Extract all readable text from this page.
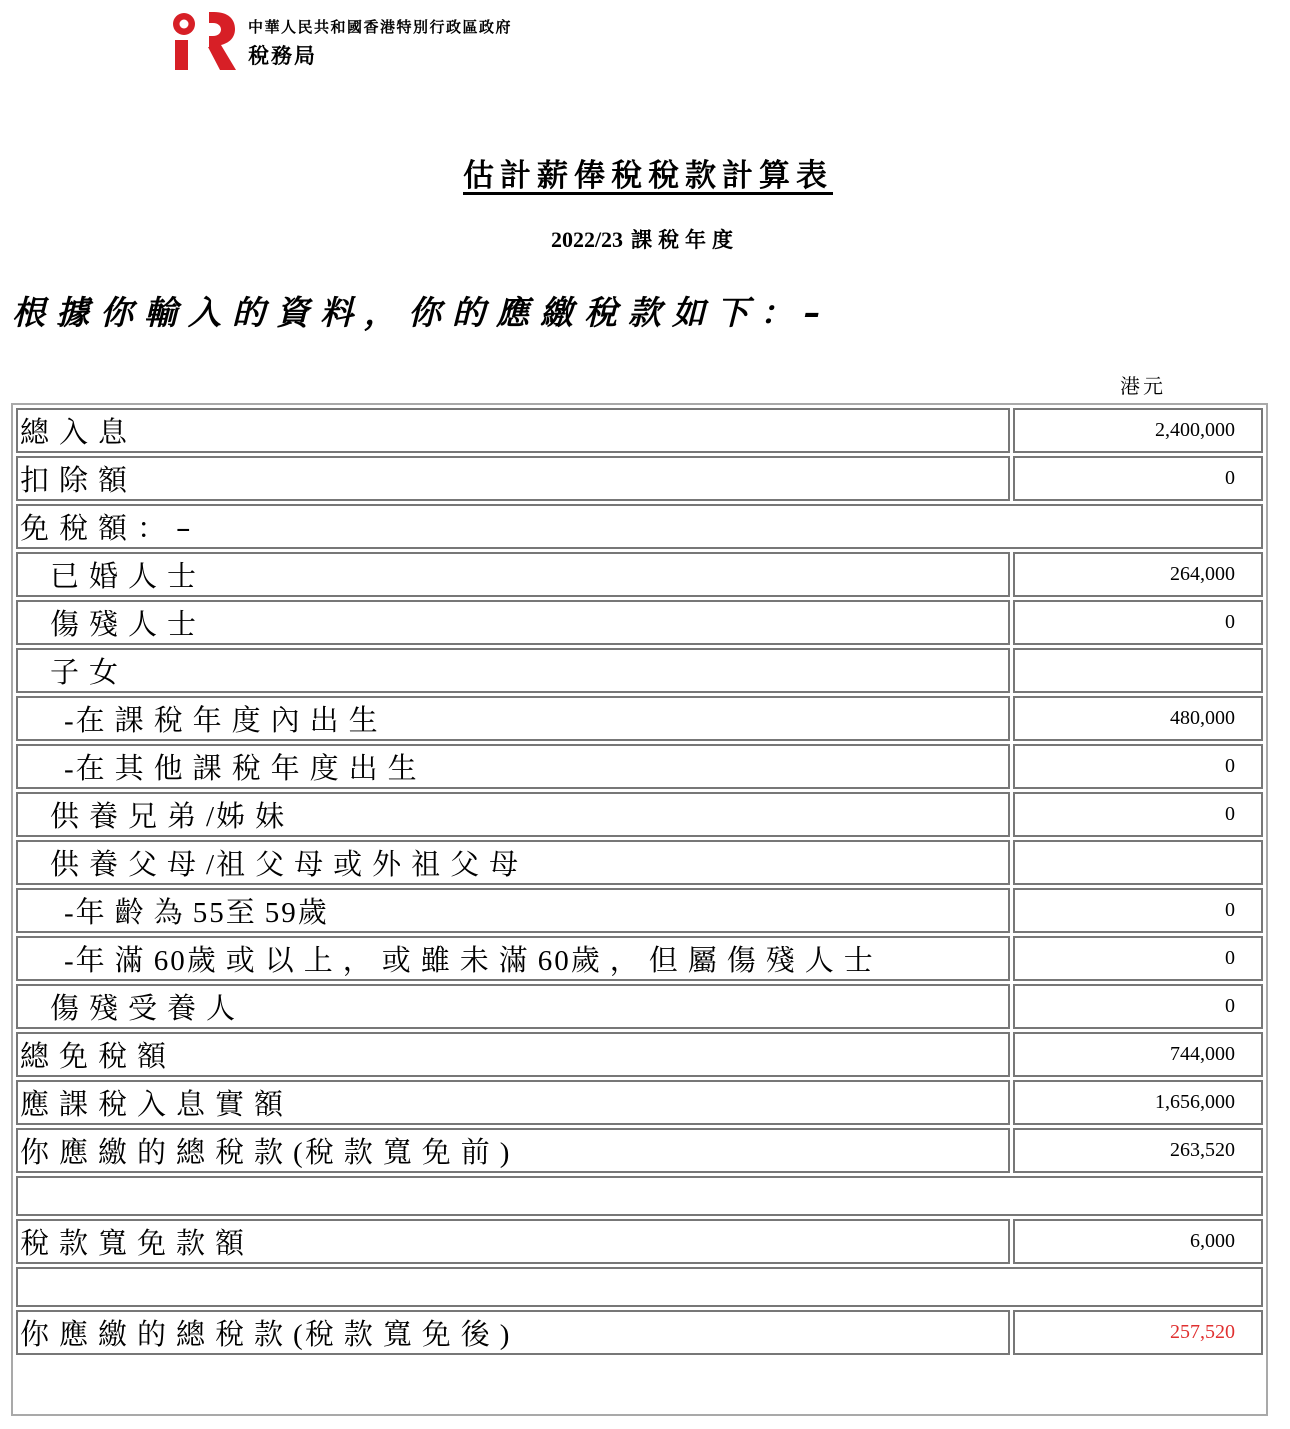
中華人民共和國香港特別行政區政府
稅務局
估計薪俸稅稅款計算表
2022/23 課稅年度
根據你輸入的資料，你的應繳稅款如下：–
港元
總入息	2,400,000
扣除額	0
免稅額：–	
已婚人士	264,000
傷殘人士	0
子女	
-在課稅年度內出生	480,000
-在其他課稅年度出生	0
供養兄弟/姊妹	0
供養父母/祖父母或外祖父母	
-年齡為55至59歲	0
-年滿60歲或以上，或雖未滿60歲，但屬傷殘人士	0
傷殘受養人	0
總免稅額	744,000
應課稅入息實額	1,656,000
你應繳的總稅款(稅款寬免前)	263,520

稅款寬免款額	6,000

你應繳的總稅款(稅款寬免後)	257,520
